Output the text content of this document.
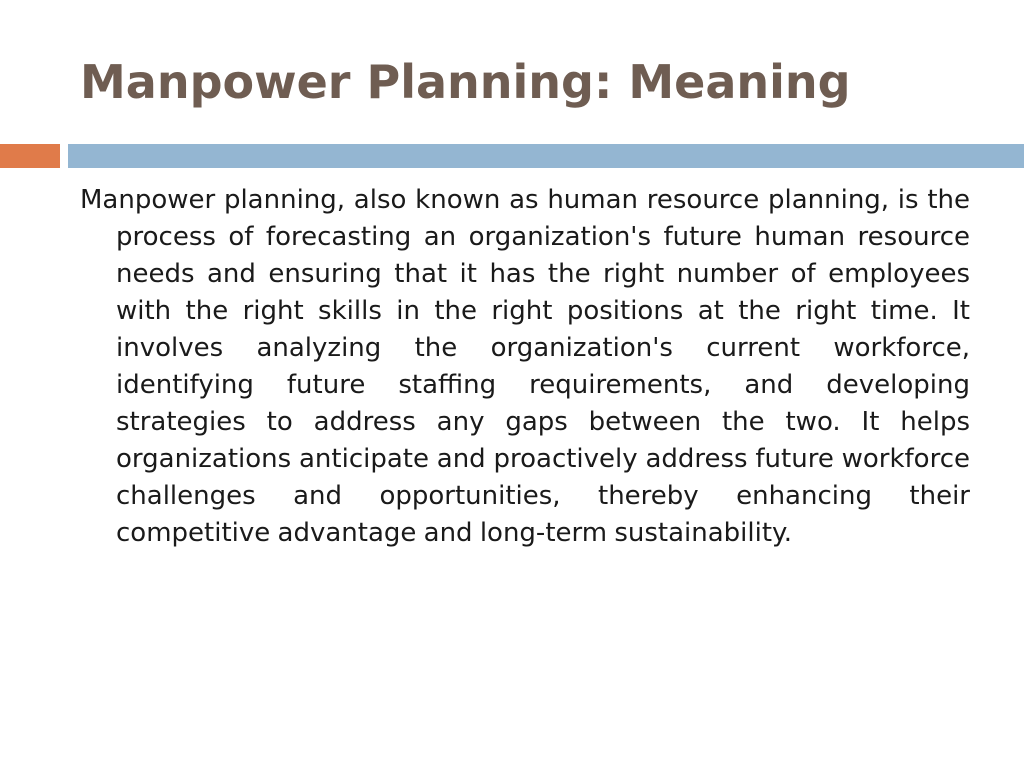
Manpower Planning: Meaning

Manpower planning, also known as human resource planning, is the process of forecasting an organization's future human resource needs and ensuring that it has the right number of employees with the right skills in the right positions at the right time. It involves analyzing the organization's current workforce, identifying future staffing requirements, and developing strategies to address any gaps between the two. It helps organizations anticipate and proactively address future workforce challenges and opportunities, thereby enhancing their competitive advantage and long-term sustainability.
